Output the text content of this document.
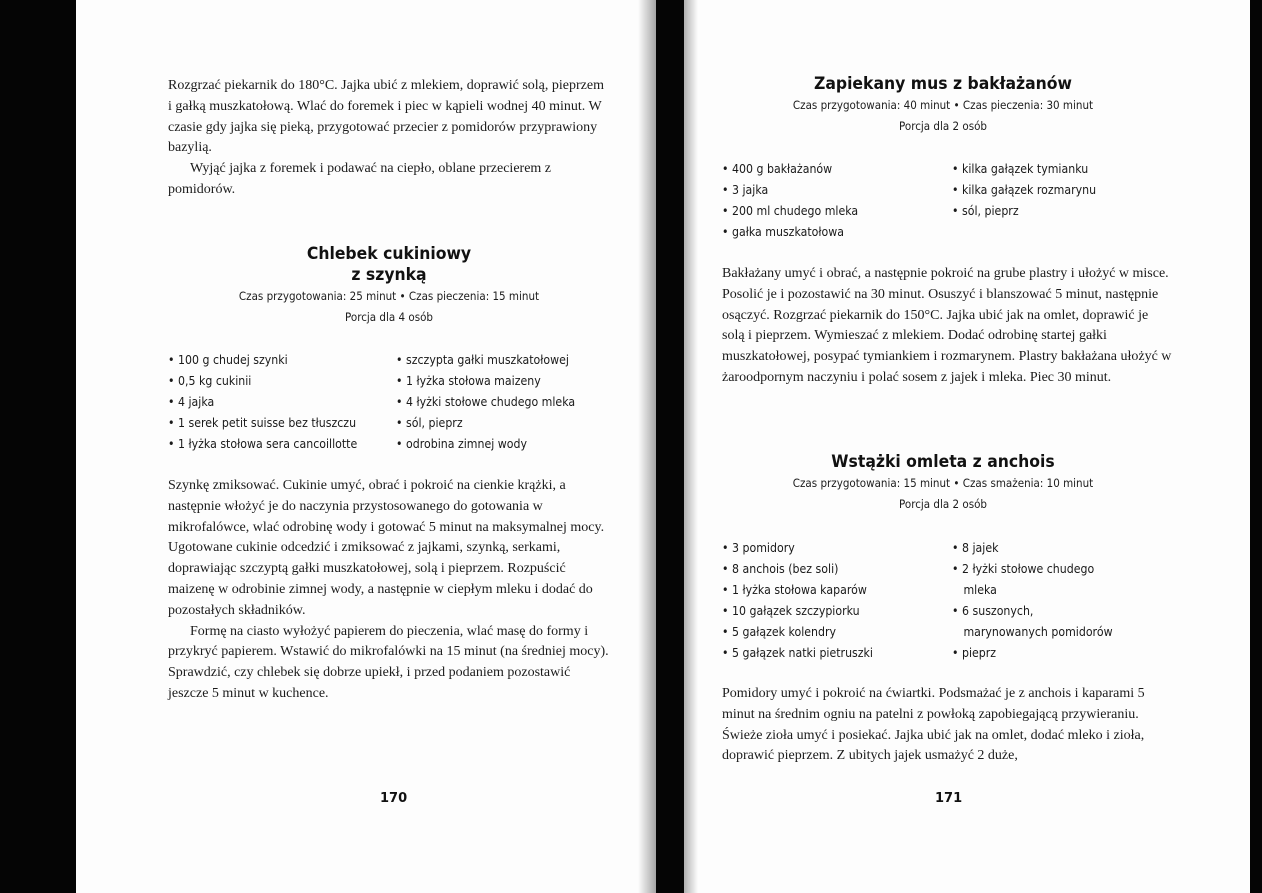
Rozgrzać piekarnik do 180°C. Jajka ubić z mlekiem, doprawić solą, pieprzem i gałką muszkatołową. Wlać do foremek i piec w kąpieli wodnej 40 minut. W czasie gdy jajka się pieką, przygotować przecier z pomidorów przyprawiony bazylią.

Wyjąć jajka z foremek i podawać na ciepło, oblane przecierem z pomidorów.

Chlebek cukiniowy
z szynką
Czas przygotowania: 25 minut • Czas pieczenia: 15 minut
Porcja dla 4 osób
• 100 g chudej szynki
• 0,5 kg cukinii
• 4 jajka
• 1 serek petit suisse bez tłuszczu
• 1 łyżka stołowa sera cancoillotte
• szczypta gałki muszkatołowej
• 1 łyżka stołowa maizeny
• 4 łyżki stołowe chudego mleka
• sól, pieprz
• odrobina zimnej wody

Szynkę zmiksować. Cukinie umyć, obrać i pokroić na cienkie krążki, a następnie włożyć je do naczynia przystosowanego do gotowania w mikrofalówce, wlać odrobinę wody i gotować 5 minut na maksymalnej mocy. Ugotowane cukinie odcedzić i zmiksować z jajkami, szynką, serkami, doprawiając szczyptą gałki muszkatołowej, solą i pieprzem. Rozpuścić maizenę w odrobinie zimnej wody, a następnie w ciepłym mleku i dodać do pozostałych składników.

Formę na ciasto wyłożyć papierem do pieczenia, wlać masę do formy i przykryć papierem. Wstawić do mikrofalówki na 15 minut (na średniej mocy). Sprawdzić, czy chlebek się dobrze upiekł, i przed podaniem pozostawić jeszcze 5 minut w kuchence.

170
Zapiekany mus z bakłażanów
Czas przygotowania: 40 minut • Czas pieczenia: 30 minut
Porcja dla 2 osób
• 400 g bakłażanów
• 3 jajka
• 200 ml chudego mleka
• gałka muszkatołowa
• kilka gałązek tymianku
• kilka gałązek rozmarynu
• sól, pieprz

Bakłażany umyć i obrać, a następnie pokroić na grube plastry i ułożyć w misce. Posolić je i pozostawić na 30 minut. Osuszyć i blanszować 5 minut, następnie osączyć. Rozgrzać piekarnik do 150°C. Jajka ubić jak na omlet, doprawić je solą i pieprzem. Wymieszać z mlekiem. Dodać odrobinę startej gałki muszkatołowej, posypać tymiankiem i rozmarynem. Plastry bakłażana ułożyć w żaroodpornym naczyniu i polać sosem z jajek i mleka. Piec 30 minut.

Wstążki omleta z anchois
Czas przygotowania: 15 minut • Czas smażenia: 10 minut
Porcja dla 2 osób
• 3 pomidory
• 8 anchois (bez soli)
• 1 łyżka stołowa kaparów
• 10 gałązek szczypiorku
• 5 gałązek kolendry
• 5 gałązek natki pietruszki
• 8 jajek
• 2 łyżki stołowe chudego
mleka
• 6 suszonych,
marynowanych pomidorów
• pieprz

Pomidory umyć i pokroić na ćwiartki. Podsmażać je z anchois i kaparami 5 minut na średnim ogniu na patelni z powłoką zapobiegającą przywieraniu. Świeże zioła umyć i posiekać. Jajka ubić jak na omlet, dodać mleko i zioła, doprawić pieprzem. Z ubitych jajek usmażyć 2 duże,

171
